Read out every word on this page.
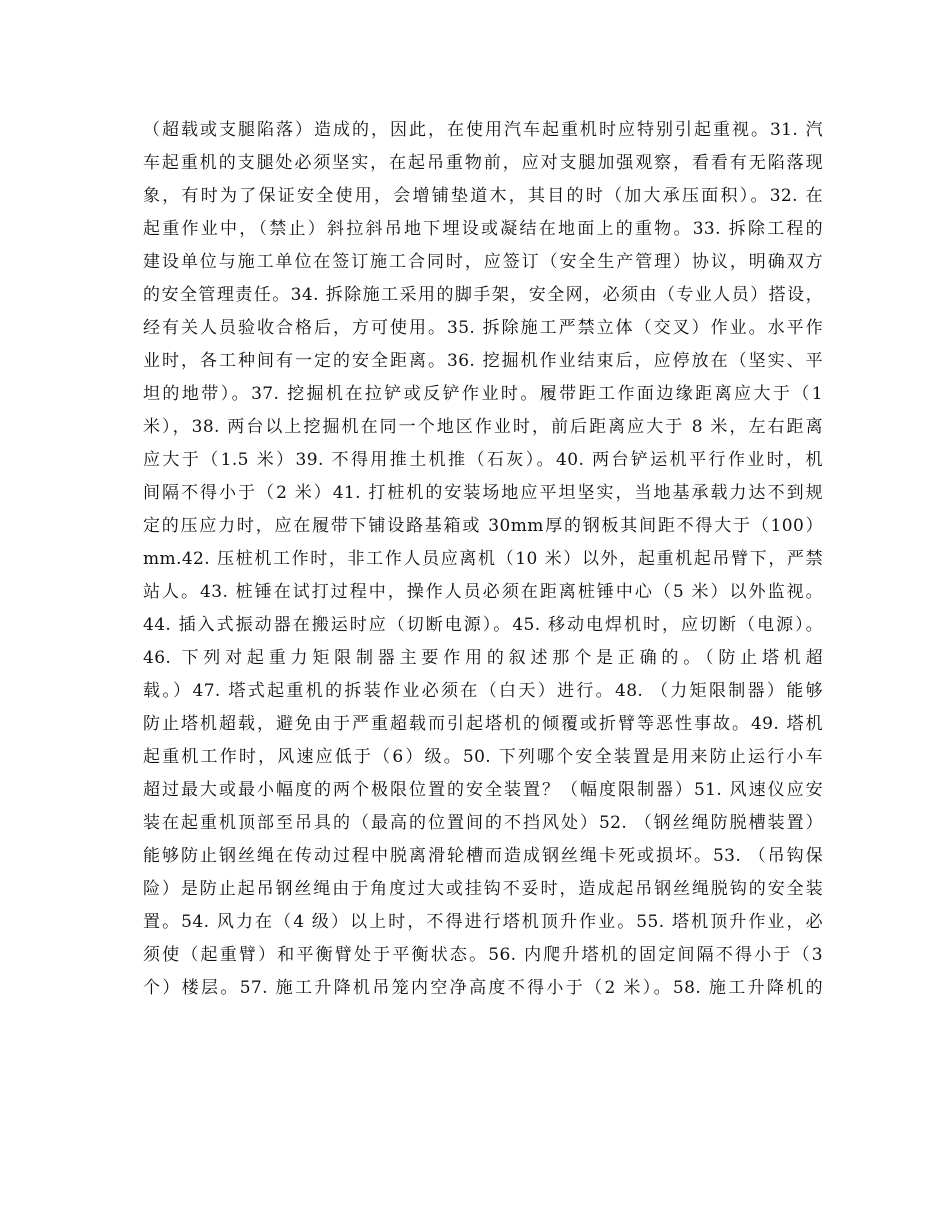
（超载或支腿陷落）造成的，因此，在使用汽车起重机时应特别引起重视。31. 汽
车起重机的支腿处必须坚实，在起吊重物前，应对支腿加强观察，看看有无陷落现
象，有时为了保证安全使用，会增铺垫道木，其目的时（加大承压面积）。32. 在
起重作业中，（禁止）斜拉斜吊地下埋设或凝结在地面上的重物。33. 拆除工程的
建设单位与施工单位在签订施工合同时，应签订（安全生产管理）协议，明确双方
的安全管理责任。34. 拆除施工采用的脚手架，安全网，必须由（专业人员）搭设，
经有关人员验收合格后，方可使用。35. 拆除施工严禁立体（交叉）作业。水平作
业时，各工种间有一定的安全距离。36. 挖掘机作业结束后，应停放在（坚实、平
坦的地带）。37. 挖掘机在拉铲或反铲作业时。履带距工作面边缘距离应大于（1
米），38. 两台以上挖掘机在同一个地区作业时，前后距离应大于 8 米，左右距离
应大于（1.5 米）39. 不得用推土机推（石灰）。40. 两台铲运机平行作业时，机
间隔不得小于（2 米）41. 打桩机的安装场地应平坦坚实，当地基承载力达不到规
定的压应力时，应在履带下铺设路基箱或 30mm厚的钢板其间距不得大于（100）
mm.42. 压桩机工作时，非工作人员应离机（10 米）以外，起重机起吊臂下，严禁
站人。43. 桩锤在试打过程中，操作人员必须在距离桩锤中心（5 米）以外监视。
44. 插入式振动器在搬运时应（切断电源）。45. 移动电焊机时，应切断（电源）。
46. 下列对起重力矩限制器主要作用的叙述那个是正确的。（防止塔机超
载。）47. 塔式起重机的拆装作业必须在（白天）进行。48. （力矩限制器）能够
防止塔机超载，避免由于严重超载而引起塔机的倾覆或折臂等恶性事故。49. 塔机
起重机工作时，风速应低于（6）级。50. 下列哪个安全装置是用来防止运行小车
超过最大或最小幅度的两个极限位置的安全装置？（幅度限制器）51. 风速仪应安
装在起重机顶部至吊具的（最高的位置间的不挡风处）52. （钢丝绳防脱槽装置）
能够防止钢丝绳在传动过程中脱离滑轮槽而造成钢丝绳卡死或损坏。53. （吊钩保
险）是防止起吊钢丝绳由于角度过大或挂钩不妥时，造成起吊钢丝绳脱钩的安全装
置。54. 风力在（4 级）以上时，不得进行塔机顶升作业。55. 塔机顶升作业，必
须使（起重臂）和平衡臂处于平衡状态。56. 内爬升塔机的固定间隔不得小于（3
个）楼层。57. 施工升降机吊笼内空净高度不得小于（2 米）。58. 施工升降机的
